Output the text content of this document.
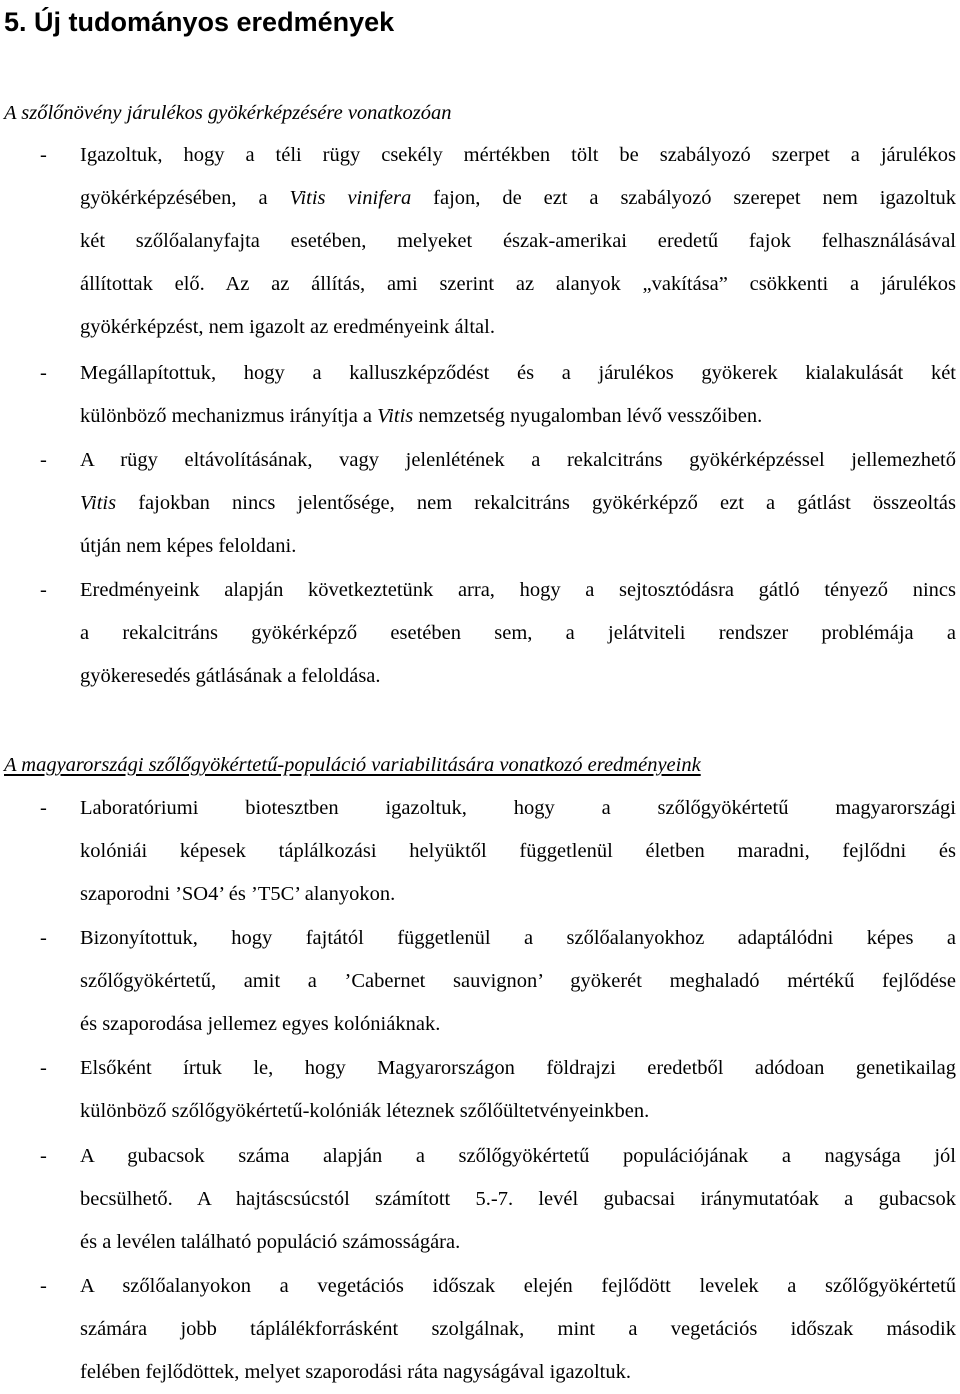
5. Új tudományos eredmények
A szőlőnövény járulékos gyökérképzésére vonatkozóan
- Igazoltuk, hogy a téli rügy csekély mértékben tölt be szabályozó szerpet a járulékos
gyökérképzésében, a Vitis vinifera fajon, de ezt a szabályozó szerepet nem igazoltuk
két szőlőalanyfajta esetében, melyeket észak-amerikai eredetű fajok felhasználásával
állítottak elő. Az az állítás, ami szerint az alanyok „vakítása” csökkenti a járulékos
gyökérképzést, nem igazolt az eredményeink által.
- Megállapítottuk, hogy a kalluszképződést és a járulékos gyökerek kialakulását két
különböző mechanizmus irányítja a Vitis nemzetség nyugalomban lévő vesszőiben.
- A rügy eltávolításának, vagy jelenlétének a rekalcitráns gyökérképzéssel jellemezhető
Vitis fajokban nincs jelentősége, nem rekalcitráns gyökérképző ezt a gátlást összeoltás
útján nem képes feloldani.
- Eredményeink alapján következtetünk arra, hogy a sejtosztódásra gátló tényező nincs
a rekalcitráns gyökérképző esetében sem, a jelátviteli rendszer problémája a
gyökeresedés gátlásának a feloldása.
A magyarországi szőlőgyökértetű-populáció variabilitására vonatkozó eredményeink
- Laboratóriumi biotesztben igazoltuk, hogy a szőlőgyökértetű magyarországi
kolóniái képesek táplálkozási helyüktől függetlenül életben maradni, fejlődni és
szaporodni ’SO4’ és ’T5C’ alanyokon.
- Bizonyítottuk, hogy fajtától függetlenül a szőlőalanyokhoz adaptálódni képes a
szőlőgyökértetű, amit a ’Cabernet sauvignon’ gyökerét meghaladó mértékű fejlődése
és szaporodása jellemez egyes kolóniáknak.
- Elsőként írtuk le, hogy Magyarországon földrajzi eredetből adódoan genetikailag
különböző szőlőgyökértetű-kolóniák léteznek szőlőültetvényeinkben.
- A gubacsok száma alapján a szőlőgyökértetű populációjának a nagysága jól
becsülhető. A hajtáscsúcstól számított 5.-7. levél gubacsai iránymutatóak a gubacsok
és a levélen található populáció számosságára.
- A szőlőalanyokon a vegetációs időszak elején fejlődött levelek a szőlőgyökértetű
számára jobb táplálékforrásként szolgálnak, mint a vegetációs időszak második
felében fejlődöttek, melyet szaporodási ráta nagyságával igazoltuk.
